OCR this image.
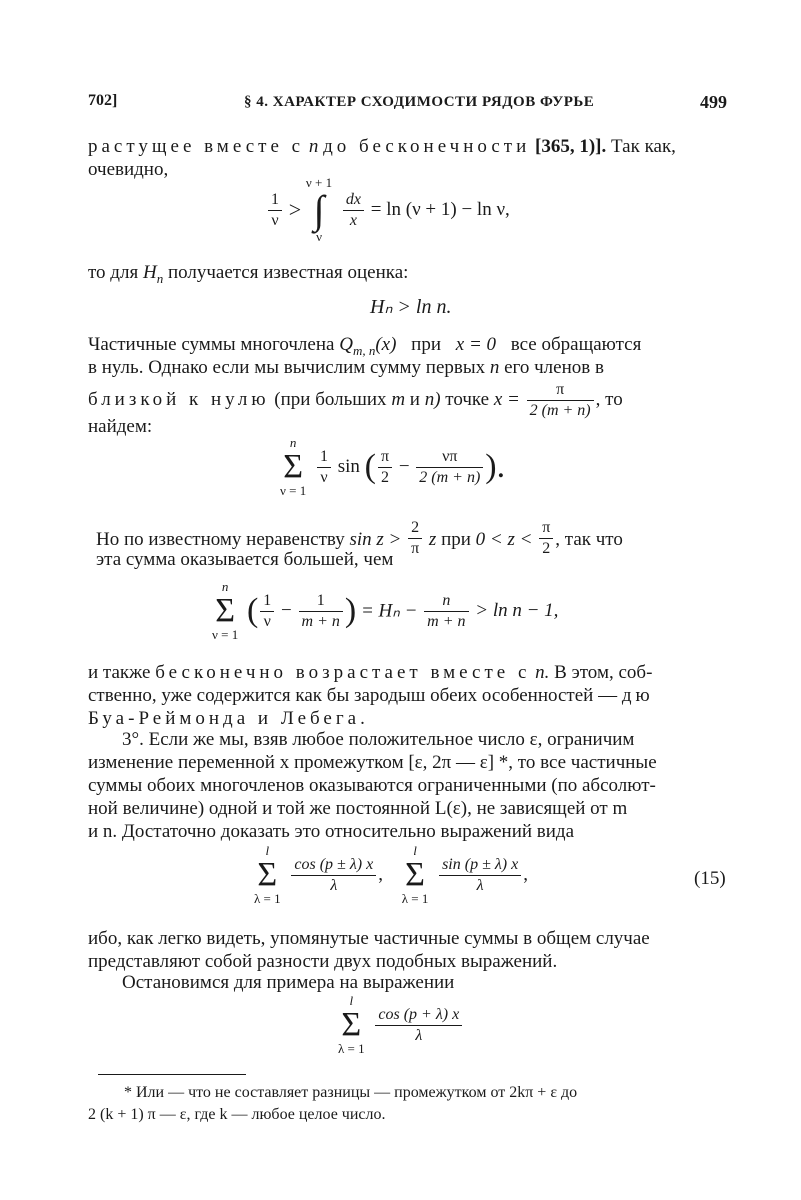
702]	§ 4. ХАРАКТЕР СХОДИМОСТИ РЯДОВ ФУРЬЕ	499
растущее вместе с n до бесконечности [365, 1)]. Так как,
очевидно,
$\frac{1}{\nu}$ >
ν + 1
∫
ν

$\frac{dx}{x} = \ln (\nu + 1) - \ln \nu$,
то для $H_n$ получается известная оценка:
Hₙ > ln n.
Частичные суммы многочлена $Q_{m, n}(x)$ при x = 0 все обращаются
в нуль. Однако если мы вычислим сумму первых n его членов в
близкой к нулю (при больших m и n) точке $x = \frac{\pi}{2 (m + n)}$ , то
найдем:
n
Σ
ν = 1

$\frac{1}{\nu}$ sin ( $\frac{\pi}{2} - \frac{\nu\pi}{2 (m + n)}$ ).
Но по известному неравенству $\sin z > \frac{2}{\pi}$ z при $0 < z < \frac{\pi}{2}$ , так что
эта сумма оказывается большей, чем
n
Σ
ν = 1
( $\frac{1}{\nu} - \frac{1}{m + n}$ ) = $H_n - \frac{n}{m + n} > \ln n - 1$,
и также бесконечно возрастает вместе с n. В этом, соб-
ственно, уже содержится как бы зародыш обеих особенностей — дю
Буа-Реймонда и Лебега.
3°. Если же мы, взяв любое положительное число ε, ограничим
изменение переменной x промежутком [ε, 2π — ε] *, то все частичные
суммы обоих многочленов оказываются ограниченными (по абсолют-
ной величине) одной и той же постоянной L(ε), не зависящей от m
и n. Достаточно доказать это относительно выражений вида
l
Σ
λ = 1

$\frac{\cos (p \pm \lambda) x}{\lambda}$ ,
l
Σ
λ = 1

$\frac{\sin (p \pm \lambda) x}{\lambda}$ ,	(15)
ибо, как легко видеть, упомянутые частичные суммы в общем случае
представляют собой разности двух подобных выражений.
Остановимся для примера на выражении
l
Σ
λ = 1

$\frac{\cos (p + \lambda) x}{\lambda}$
* Или — что не составляет разницы — промежутком от 2kπ + ε до
2 (k + 1) π — ε, где k — любое целое число.
